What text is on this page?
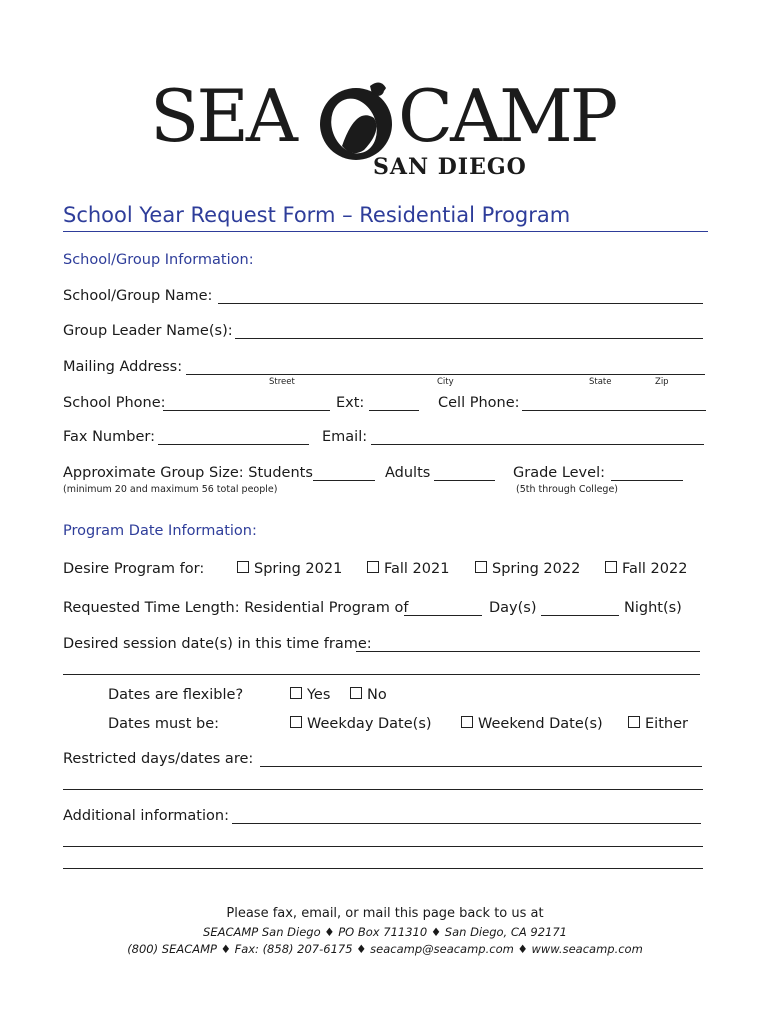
SEA CAMP
SAN DIEGO
School Year Request Form – Residential Program
School/Group Information:
School/Group Name:
Group Leader Name(s):
Mailing Address:
Street	City	State	Zip
School Phone:	Ext:	Cell Phone:
Fax Number:	Email:
Approximate Group Size: Students	Adults	Grade Level:
(minimum 20 and maximum 56 total people)	(5th through College)
Program Date Information:
Desire Program for:	Spring 2021	Fall 2021	Spring 2022	Fall 2022
Requested Time Length: Residential Program of	Day(s)	Night(s)
Desired session date(s) in this time frame:
Dates are flexible?	Yes	No
Dates must be:	Weekday Date(s)	Weekend Date(s)	Either
Restricted days/dates are:
Additional information:
Please fax, email, or mail this page back to us at
SEACAMP San Diego ♦ PO Box 711310 ♦ San Diego, CA 92171
(800) SEACAMP ♦ Fax: (858) 207-6175 ♦ seacamp@seacamp.com ♦ www.seacamp.com
